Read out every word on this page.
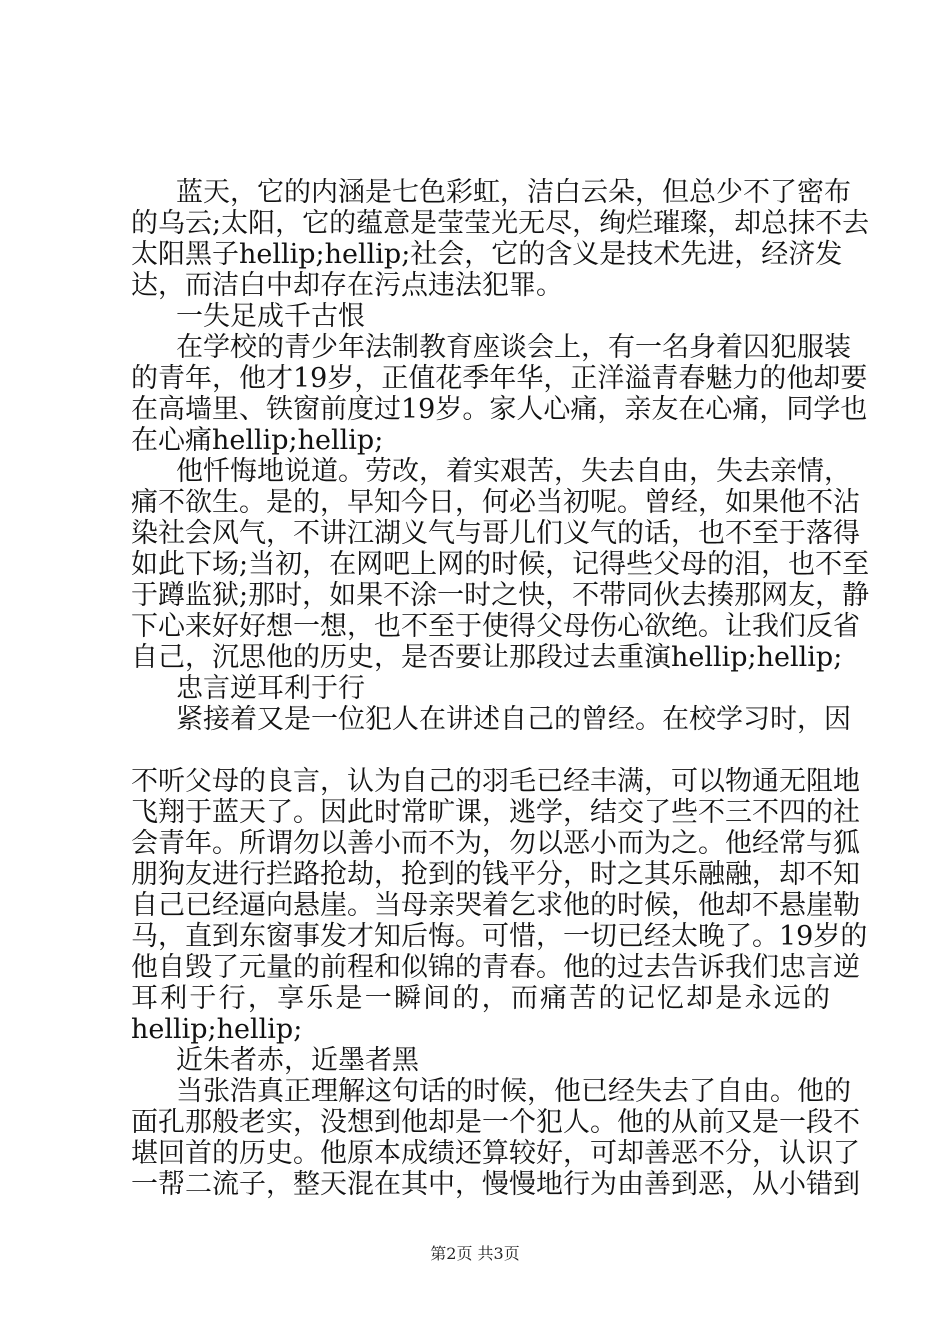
蓝天，它的内涵是七色彩虹，洁白云朵，但总少不了密布
的乌云;太阳，它的蕴意是莹莹光无尽，绚烂璀璨，却总抹不去
太阳黑子hellip;hellip;社会，它的含义是技术先进，经济发
达，而洁白中却存在污点违法犯罪。
一失足成千古恨
在学校的青少年法制教育座谈会上，有一名身着囚犯服装
的青年，他才19岁，正值花季年华，正洋溢青春魅力的他却要
在高墙里、铁窗前度过19岁。家人心痛，亲友在心痛，同学也
在心痛hellip;hellip;
他忏悔地说道。劳改，着实艰苦，失去自由，失去亲情，
痛不欲生。是的，早知今日，何必当初呢。曾经，如果他不沾
染社会风气，不讲江湖义气与哥儿们义气的话，也不至于落得
如此下场;当初，在网吧上网的时候，记得些父母的泪，也不至
于蹲监狱;那时，如果不涂一时之快，不带同伙去揍那网友，静
下心来好好想一想，也不至于使得父母伤心欲绝。让我们反省
自己，沉思他的历史，是否要让那段过去重演hellip;hellip;
忠言逆耳利于行
紧接着又是一位犯人在讲述自己的曾经。在校学习时，因
不听父母的良言，认为自己的羽毛已经丰满，可以物通无阻地
飞翔于蓝天了。因此时常旷课，逃学，结交了些不三不四的社
会青年。所谓勿以善小而不为，勿以恶小而为之。他经常与狐
朋狗友进行拦路抢劫，抢到的钱平分，时之其乐融融，却不知
自己已经逼向悬崖。当母亲哭着乞求他的时候，他却不悬崖勒
马，直到东窗事发才知后悔。可惜，一切已经太晚了。19岁的
他自毁了元量的前程和似锦的青春。他的过去告诉我们忠言逆
耳利于行，享乐是一瞬间的，而痛苦的记忆却是永远的
hellip;hellip;
近朱者赤，近墨者黑
当张浩真正理解这句话的时候，他已经失去了自由。他的
面孔那般老实，没想到他却是一个犯人。他的从前又是一段不
堪回首的历史。他原本成绩还算较好，可却善恶不分，认识了
一帮二流子，整天混在其中，慢慢地行为由善到恶，从小错到
第2页 共3页
